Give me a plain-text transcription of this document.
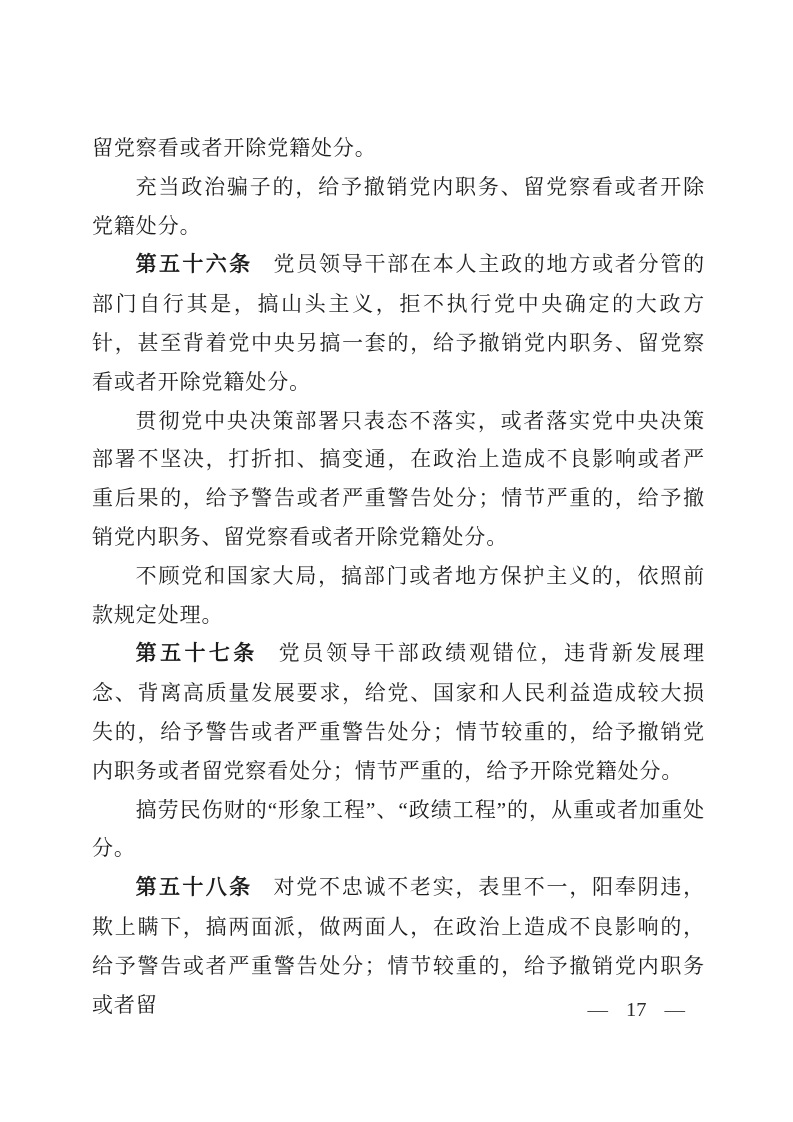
留党察看或者开除党籍处分。

充当政治骗子的，给予撤销党内职务、留党察看或者开除党籍处分。

第五十六条 党员领导干部在本人主政的地方或者分管的部门自行其是，搞山头主义，拒不执行党中央确定的大政方针，甚至背着党中央另搞一套的，给予撤销党内职务、留党察看或者开除党籍处分。

贯彻党中央决策部署只表态不落实，或者落实党中央决策部署不坚决，打折扣、搞变通，在政治上造成不良影响或者严重后果的，给予警告或者严重警告处分；情节严重的，给予撤销党内职务、留党察看或者开除党籍处分。

不顾党和国家大局，搞部门或者地方保护主义的，依照前款规定处理。

第五十七条 党员领导干部政绩观错位，违背新发展理念、背离高质量发展要求，给党、国家和人民利益造成较大损失的，给予警告或者严重警告处分；情节较重的，给予撤销党内职务或者留党察看处分；情节严重的，给予开除党籍处分。

搞劳民伤财的“形象工程”、“政绩工程”的，从重或者加重处分。

第五十八条 对党不忠诚不老实，表里不一，阳奉阴违，欺上瞒下，搞两面派，做两面人，在政治上造成不良影响的，给予警告或者严重警告处分；情节较重的，给予撤销党内职务或者留	— 17 —
